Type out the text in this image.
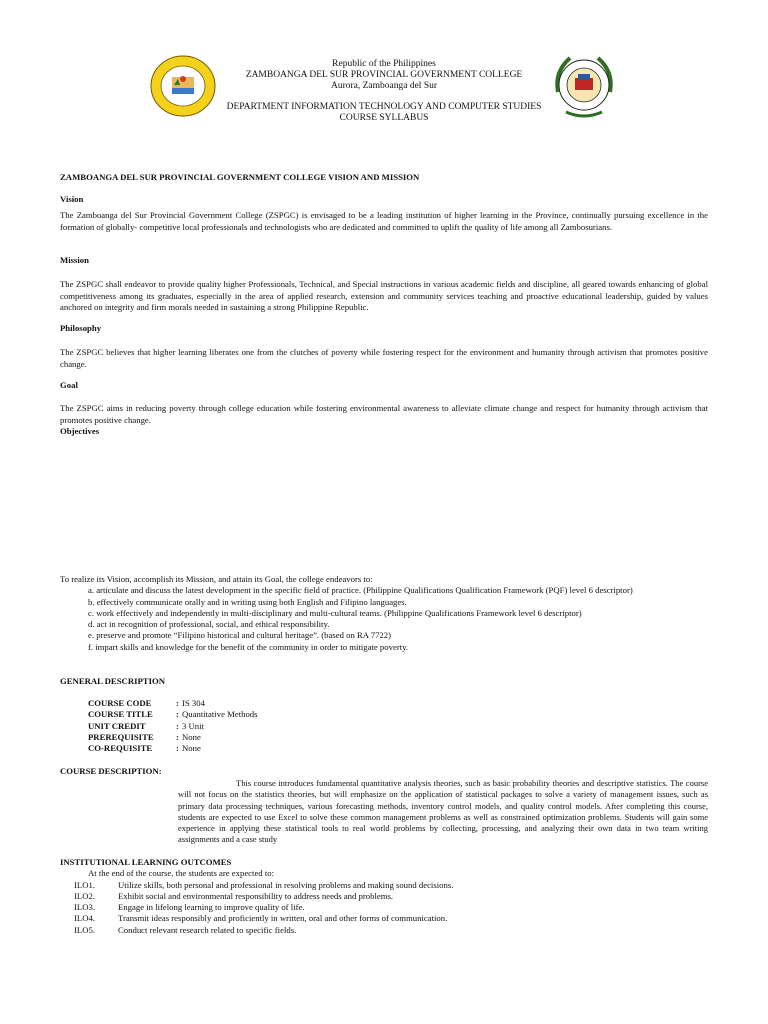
Republic of the Philippines
ZAMBOANGA DEL SUR PROVINCIAL GOVERNMENT COLLEGE
Aurora, Zamboanga del Sur
DEPARTMENT INFORMATION TECHNOLOGY AND COMPUTER STUDIES
COURSE SYLLABUS
ZAMBOANGA DEL SUR PROVINCIAL GOVERNMENT COLLEGE VISION AND MISSION
Vision
The Zamboanga del Sur Provincial Government College (ZSPGC) is envisaged to be a leading institution of higher learning in the Province, continually pursuing excellence in the formation of globally- competitive local professionals and technologists who are dedicated and committed to uplift the quality of life among all Zambosurians.
Mission
The ZSPGC shall endeavor to provide quality higher Professionals, Technical, and Special instructions in various academic fields and discipline, all geared towards enhancing of global competitiveness among its graduates, especially in the area of applied research, extension and community services teaching and proactive educational leadership, guided by values anchored on integrity and firm morals needed in sustaining a strong Philippine Republic.
Philosophy
The ZSPGC believes that higher learning liberates one from the clutches of poverty while fostering respect for the environment and humanity through activism that promotes positive change.
Goal
The ZSPGC aims in reducing poverty through college education while fostering environmental awareness to alleviate climate change and respect for humanity through activism that promotes positive change.
Objectives
To realize its Vision, accomplish its Mission, and attain its Goal, the college endeavors to:
a. articulate and discuss the latest development in the specific field of practice. (Philippine Qualifications Qualification Framework (PQF) level 6 descriptor)
b. effectively communicate orally and in writing using both English and Filipino languages.
c. work effectively and independently in multi-disciplinary and multi-cultural teams. (Philippine Qualifications Framework level 6 descriptor)
d. act in recognition of professional, social, and ethical responsibility.
e. preserve and promote “Filipino historical and cultural heritage”. (based on RA 7722)
f. impart skills and knowledge for the benefit of the community in order to mitigate poverty.
GENERAL DESCRIPTION
COURSE CODE	: IS 304
COURSE TITLE	: Quantitative Methods
UNIT CREDIT	: 3 Unit
PREREQUISITE	: None
CO-REQUISITE	: None
COURSE DESCRIPTION:
This course introduces fundamental quantitative analysis theories, such as basic probability theories and descriptive statistics. The course will not focus on the statistics theories, but will emphasize on the application of statistical packages to solve a variety of management issues, such as primary data processing techniques, various forecasting methods, inventory control models, and quality control models. After completing this course, students are expected to use Excel to solve these common management problems as well as constrained optimization problems. Students will gain some experience in applying these statistical tools to real world problems by collecting, processing, and analyzing their own data in two team writing assignments and a case study
INSTITUTIONAL LEARNING OUTCOMES
At the end of the course, the students are expected to:
ILO1.	Utilize skills, both personal and professional in resolving problems and making sound decisions.
ILO2.	Exhibit social and environmental responsibility to address needs and problems.
ILO3.	Engage in lifelong learning to improve quality of life.
ILO4.	Transmit ideas responsibly and proficiently in written, oral and other forms of communication.
ILO5.	Conduct relevant research related to specific fields.
